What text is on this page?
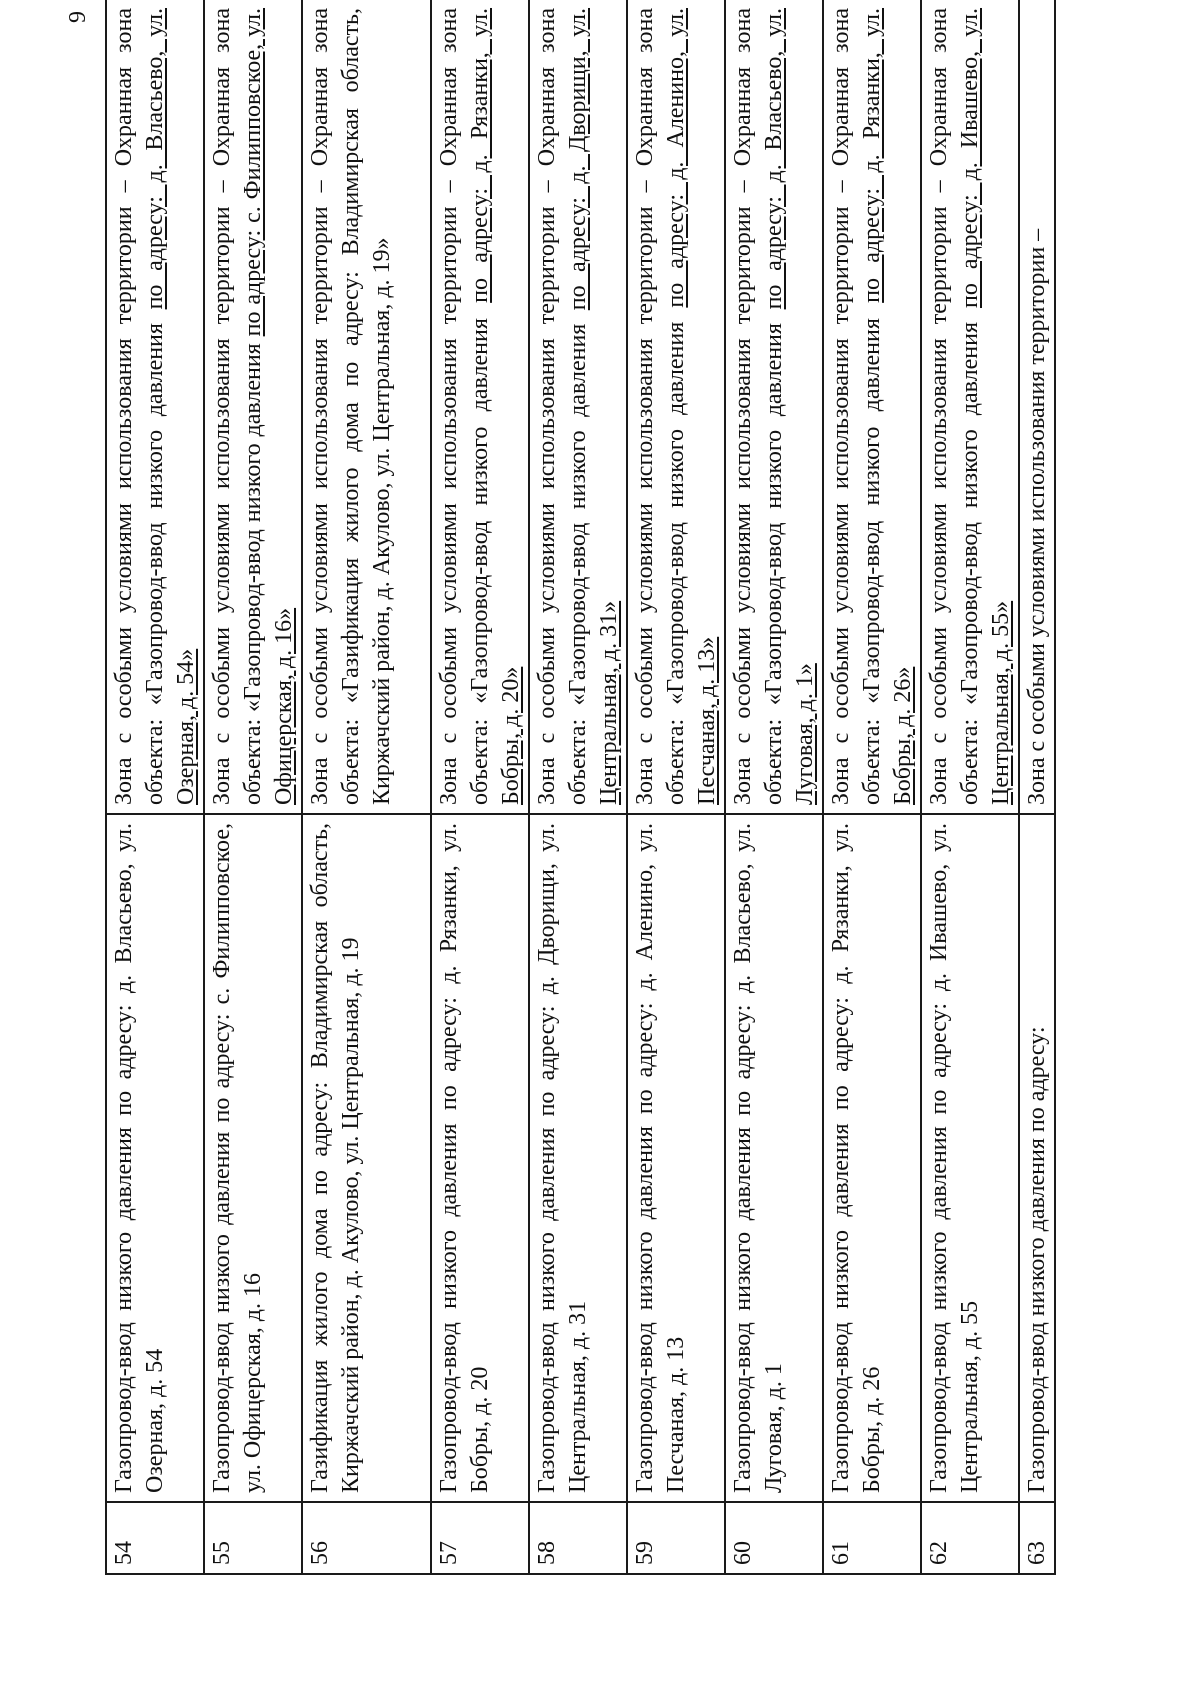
9
54	Газопровод-ввод низкого давления по адресу: д. Власьево, ул. Озерная, д. 54	Зона с особыми условиями использования территории – Охранная зона объекта: «Газопровод-ввод низкого давления по адресу: д. Власьево, ул. Озерная, д. 54»
55	Газопровод-ввод низкого давления по адресу: с. Филипповское, ул. Офицерская, д. 16	Зона с особыми условиями использования территории – Охранная зона объекта: «Газопровод-ввод низкого давления по адресу: с. Филипповское, ул. Офицерская, д. 16»
56	Газификация жилого дома по адресу: Владимирская область, Киржачский район, д. Акулово, ул. Центральная, д. 19	Зона с особыми условиями использования территории – Охранная зона объекта: «Газификация жилого дома по адресу: Владимирская область, Киржачский район, д. Акулово, ул. Центральная, д. 19»
57	Газопровод-ввод низкого давления по адресу: д. Рязанки, ул. Бобры, д. 20	Зона с особыми условиями использования территории – Охранная зона объекта: «Газопровод-ввод низкого давления по адресу: д. Рязанки, ул. Бобры, д. 20»
58	Газопровод-ввод низкого давления по адресу: д. Дворищи, ул. Центральная, д. 31	Зона с особыми условиями использования территории – Охранная зона объекта: «Газопровод-ввод низкого давления по адресу: д. Дворищи, ул. Центральная, д. 31»
59	Газопровод-ввод низкого давления по адресу: д. Аленино, ул. Песчаная, д. 13	Зона с особыми условиями использования территории – Охранная зона объекта: «Газопровод-ввод низкого давления по адресу: д. Аленино, ул. Песчаная, д. 13»
60	Газопровод-ввод низкого давления по адресу: д. Власьево, ул. Луговая, д. 1	Зона с особыми условиями использования территории – Охранная зона объекта: «Газопровод-ввод низкого давления по адресу: д. Власьево, ул. Луговая, д. 1»
61	Газопровод-ввод низкого давления по адресу: д. Рязанки, ул. Бобры, д. 26	Зона с особыми условиями использования территории – Охранная зона объекта: «Газопровод-ввод низкого давления по адресу: д. Рязанки, ул. Бобры, д. 26»
62	Газопровод-ввод низкого давления по адресу: д. Ивашево, ул. Центральная, д. 55	Зона с особыми условиями использования территории – Охранная зона объекта: «Газопровод-ввод низкого давления по адресу: д. Ивашево, ул. Центральная, д. 55»
63	Газопровод-ввод низкого давления по адресу:	Зона с особыми условиями использования территории –
